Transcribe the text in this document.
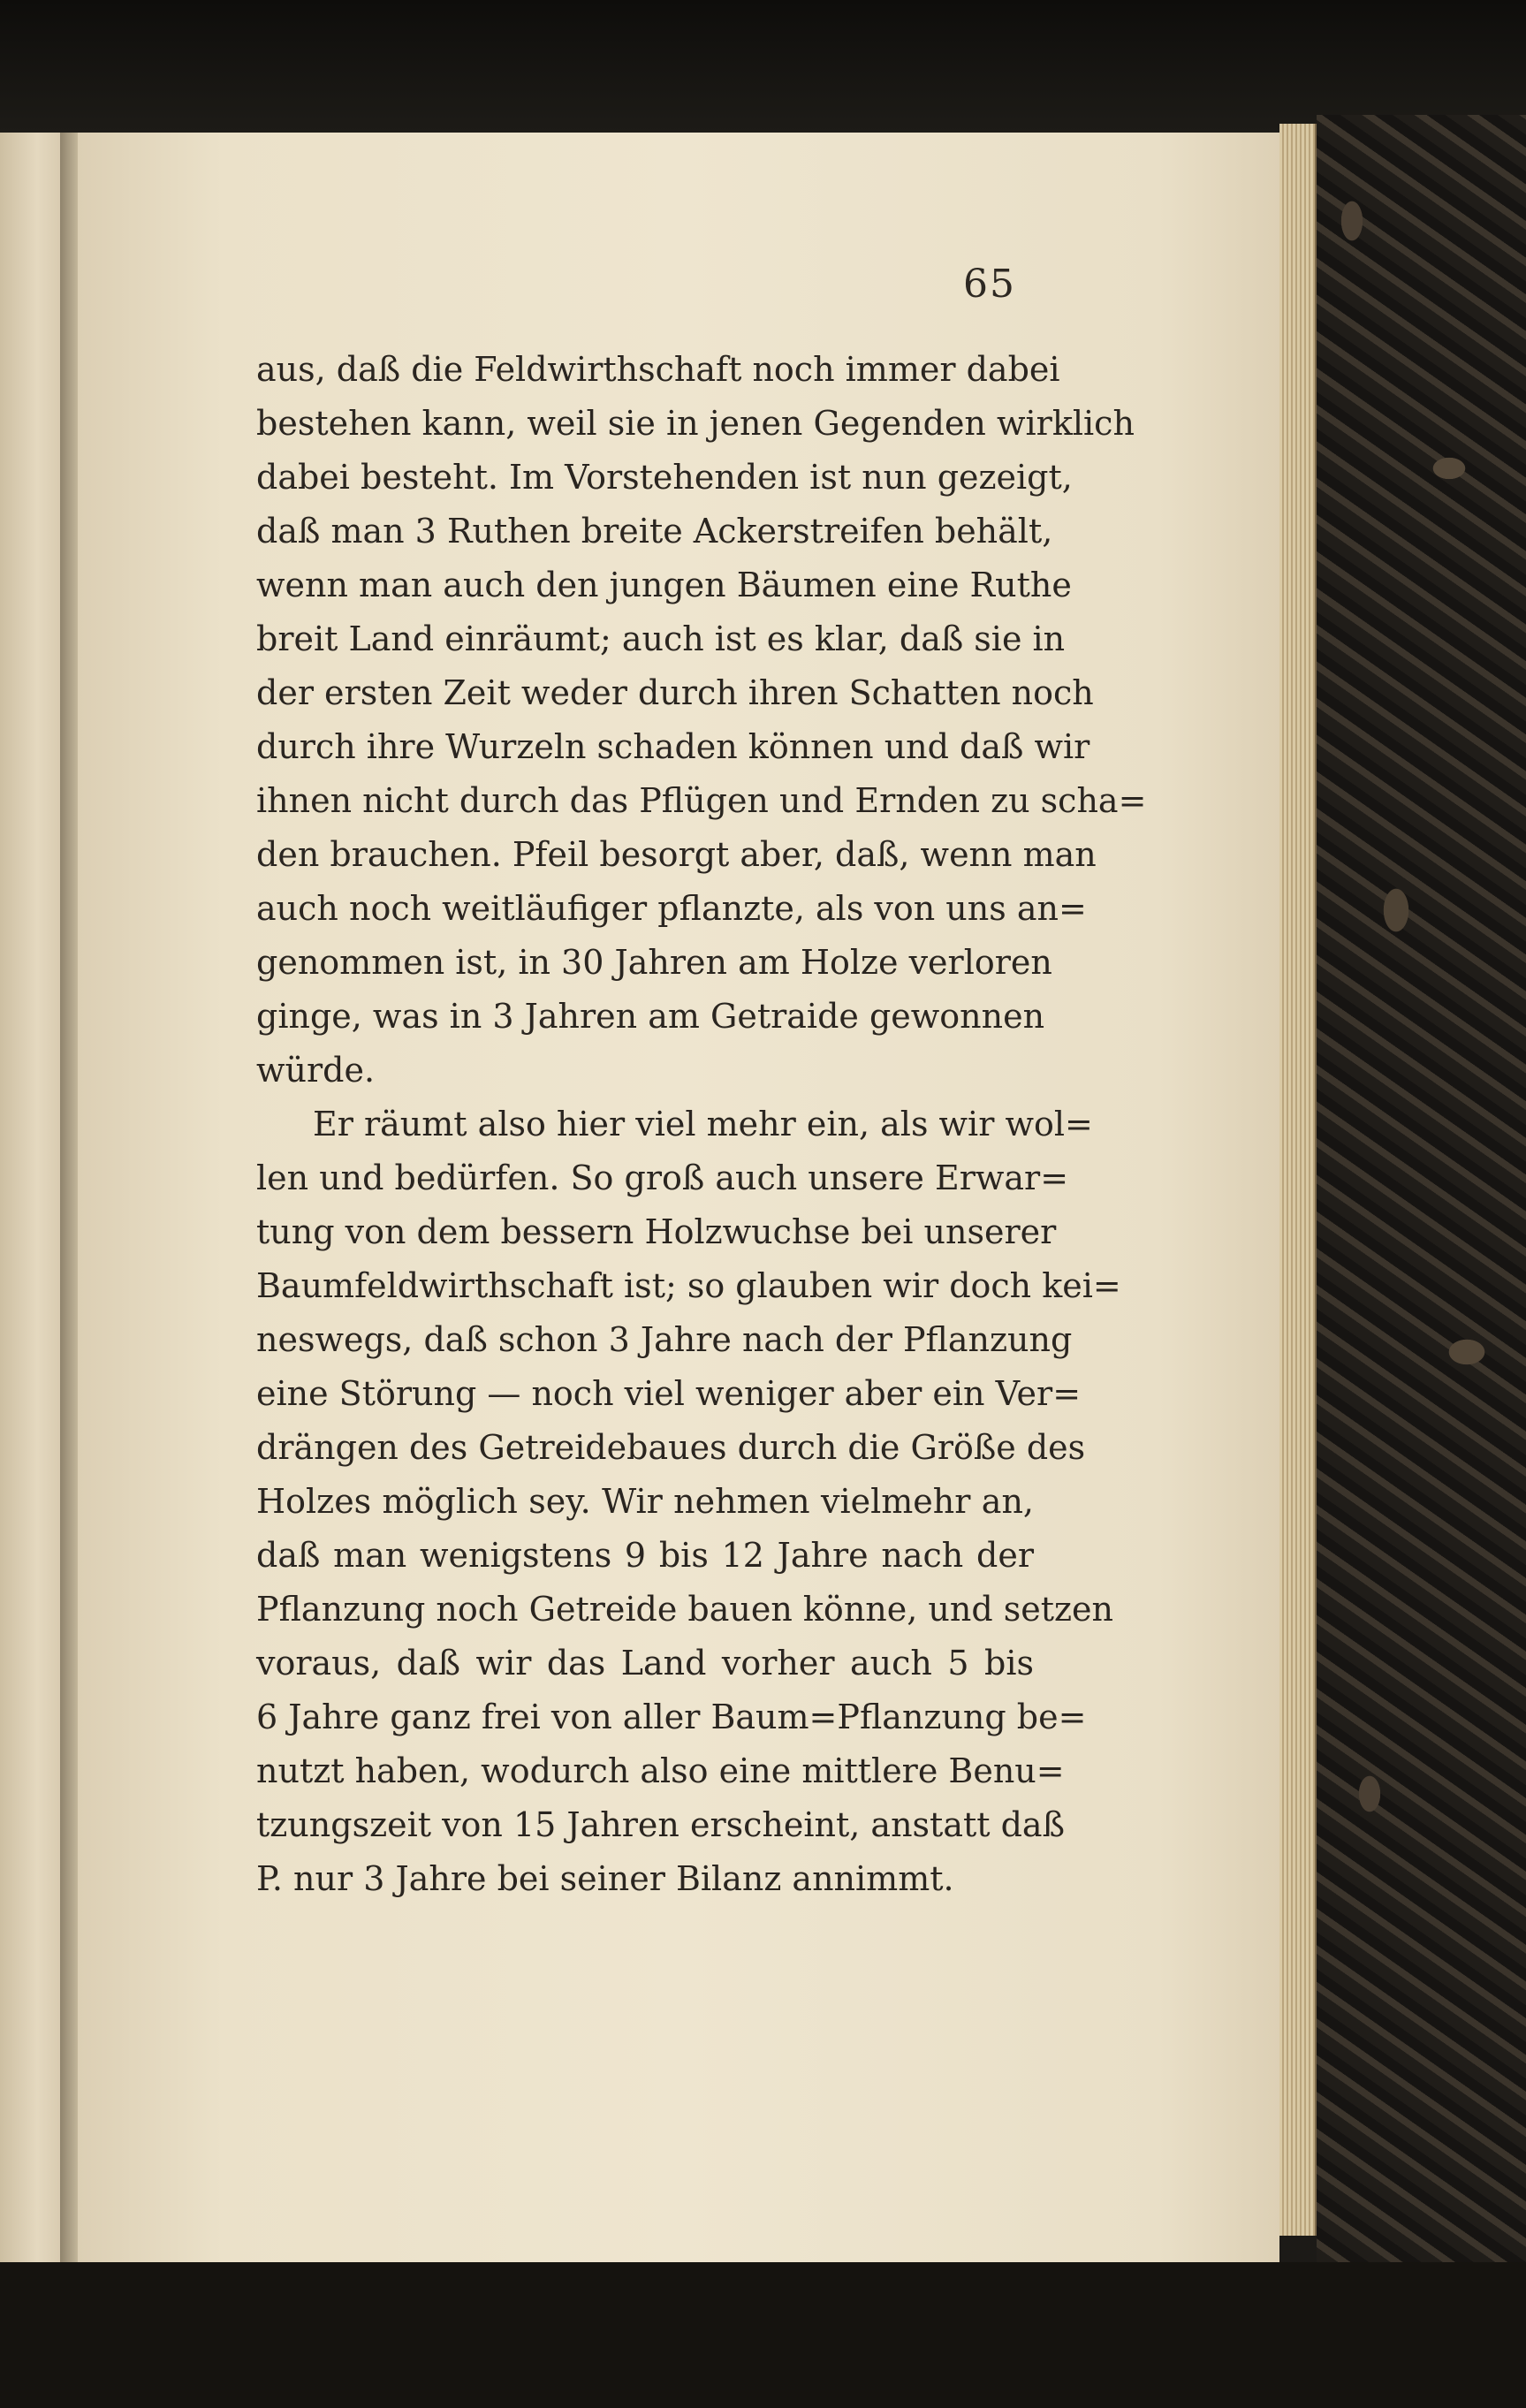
65
aus, daß die Feldwirthschaft noch immer dabei
bestehen kann, weil sie in jenen Gegenden wirklich
dabei besteht. Im Vorstehenden ist nun gezeigt,
daß man 3 Ruthen breite Ackerstreifen behält,
wenn man auch den jungen Bäumen eine Ruthe
breit Land einräumt; auch ist es klar, daß sie in
der ersten Zeit weder durch ihren Schatten noch
durch ihre Wurzeln schaden können und daß wir
ihnen nicht durch das Pflügen und Ernden zu scha=
den brauchen. Pfeil besorgt aber, daß, wenn man
auch noch weitläufiger pflanzte, als von uns an=
genommen ist, in 30 Jahren am Holze verloren
ginge, was in 3 Jahren am Getraide gewonnen
würde.
Er räumt also hier viel mehr ein, als wir wol=
len und bedürfen. So groß auch unsere Erwar=
tung von dem bessern Holzwuchse bei unserer
Baumfeldwirthschaft ist; so glauben wir doch kei=
neswegs, daß schon 3 Jahre nach der Pflanzung
eine Störung — noch viel weniger aber ein Ver=
drängen des Getreidebaues durch die Größe des
Holzes möglich sey. Wir nehmen vielmehr an,
daß man wenigstens 9 bis 12 Jahre nach der
Pflanzung noch Getreide bauen könne, und setzen
voraus, daß wir das Land vorher auch 5 bis
6 Jahre ganz frei von aller Baum=Pflanzung be=
nutzt haben, wodurch also eine mittlere Benu=
tzungszeit von 15 Jahren erscheint, anstatt daß
P. nur 3 Jahre bei seiner Bilanz annimmt.
